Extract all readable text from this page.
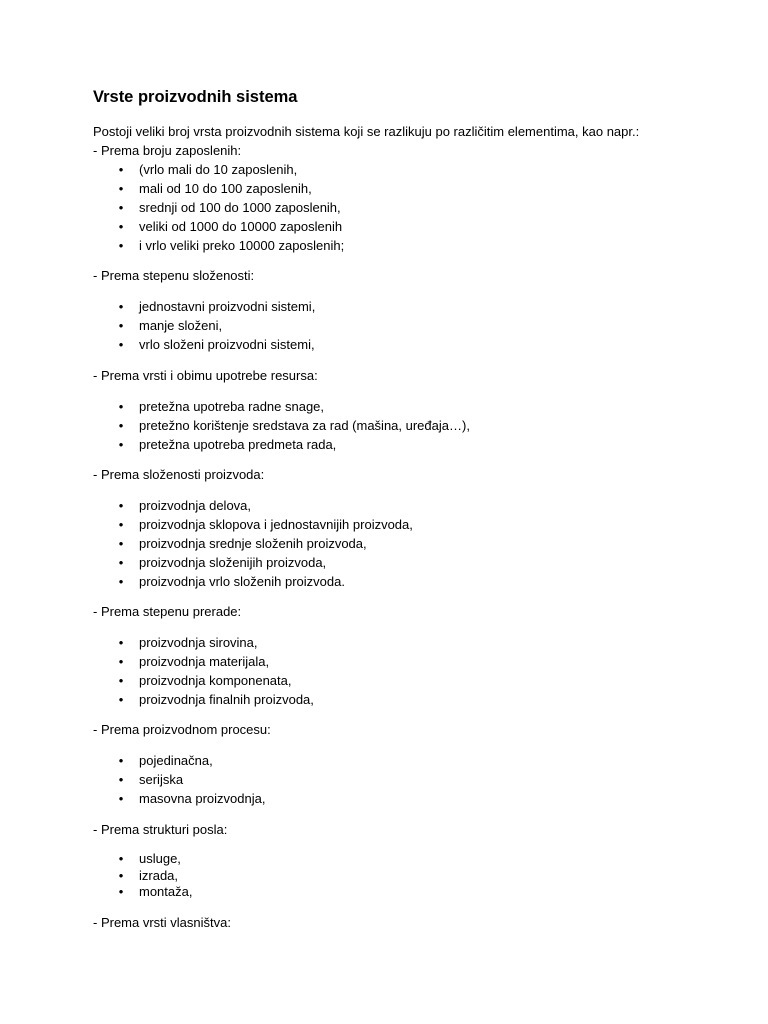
Vrste proizvodnih sistema

Postoji veliki broj vrsta proizvodnih sistema koji se razlikuju po različitim elementima, kao napr.:

- Prema broju zaposlenih:

• (vrlo mali do 10 zaposlenih,
• mali od 10 do 100 zaposlenih,
• srednji od 100 do 1000 zaposlenih,
• veliki od 1000 do 10000 zaposlenih
• i vrlo veliki preko 10000 zaposlenih;

- Prema stepenu složenosti:

• jednostavni proizvodni sistemi,
• manje složeni,
• vrlo složeni proizvodni sistemi,

- Prema vrsti i obimu upotrebe resursa:

• pretežna upotreba radne snage,
• pretežno korištenje sredstava za rad (mašina, uređaja…),
• pretežna upotreba predmeta rada,

- Prema složenosti proizvoda:

• proizvodnja delova,
• proizvodnja sklopova i jednostavnijih proizvoda,
• proizvodnja srednje složenih proizvoda,
• proizvodnja složenijih proizvoda,
• proizvodnja vrlo složenih proizvoda.

- Prema stepenu prerade:

• proizvodnja sirovina,
• proizvodnja materijala,
• proizvodnja komponenata,
• proizvodnja finalnih proizvoda,

- Prema proizvodnom procesu:

• pojedinačna,
• serijska
• masovna proizvodnja,

- Prema strukturi posla:

• usluge,
• izrada,
• montaža,

- Prema vrsti vlasništva:
